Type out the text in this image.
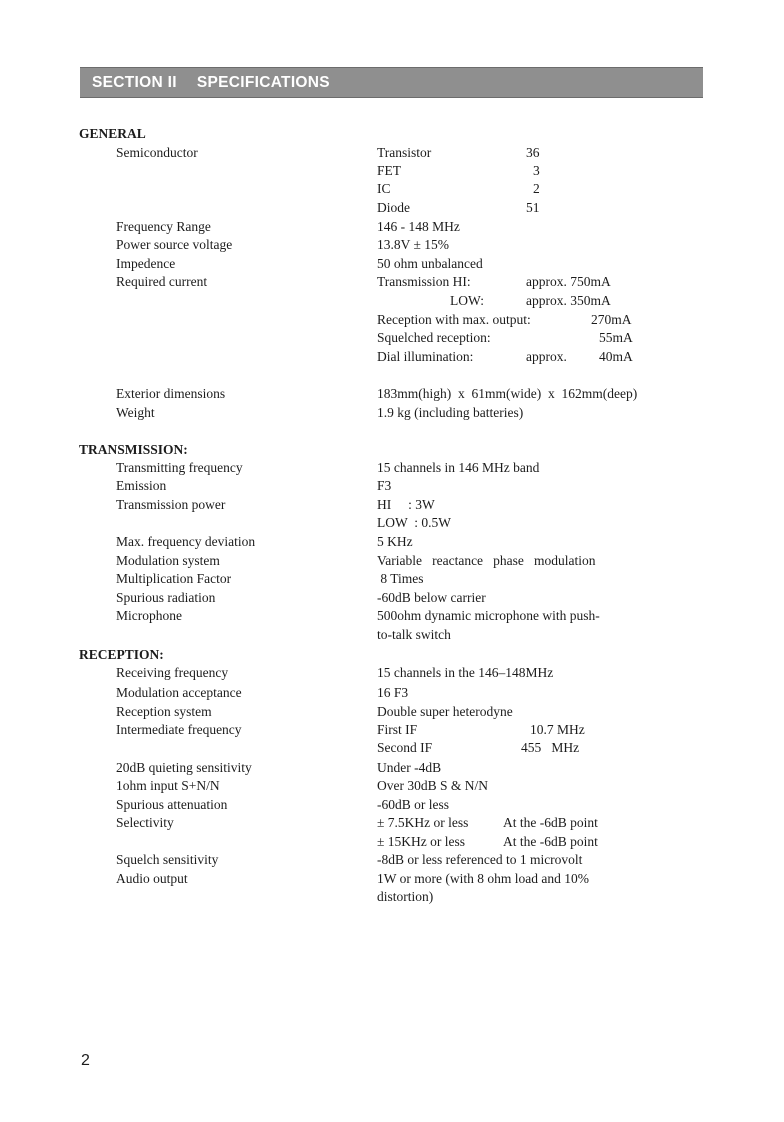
SECTION II SPECIFICATIONS
GENERAL
Semiconductor	Transistor	36
FET	3
IC	2
Diode	51
Frequency Range	146 - 148 MHz
Power source voltage	13.8V ± 15%
Impedence	50 ohm unbalanced
Required current	Transmission HI:	approx. 750mA
LOW:	approx. 350mA
Reception with max. output:	270mA
Squelched reception:	55mA
Dial illumination:	approx. 40mA
Exterior dimensions	183mm(high)  x  61mm(wide)  x  162mm(deep)
Weight	1.9 kg (including batteries)
TRANSMISSION:
Transmitting frequency	15 channels in 146 MHz band
Emission	F3
Transmission power	HI     : 3W
LOW  : 0.5W
Max. frequency deviation	5 KHz
Modulation system	Variable   reactance   phase   modulation
Multiplication Factor	8 Times
Spurious radiation	-60dB below carrier
Microphone	500ohm dynamic microphone with push-
to-talk switch
RECEPTION:
Receiving frequency	15 channels in the 146–148MHz
Modulation acceptance	16 F3
Reception system	Double super heterodyne
Intermediate frequency	First IF	10.7 MHz
Second IF	455   MHz
20dB quieting sensitivity	Under -4dB
1ohm input S+N/N	Over 30dB S & N/N
Spurious attenuation	-60dB or less
Selectivity	± 7.5KHz or less	At the -6dB point
± 15KHz or less	At the -6dB point
Squelch sensitivity	-8dB or less referenced to 1 microvolt
Audio output	1W or more (with 8 ohm load and 10%
distortion)
2
